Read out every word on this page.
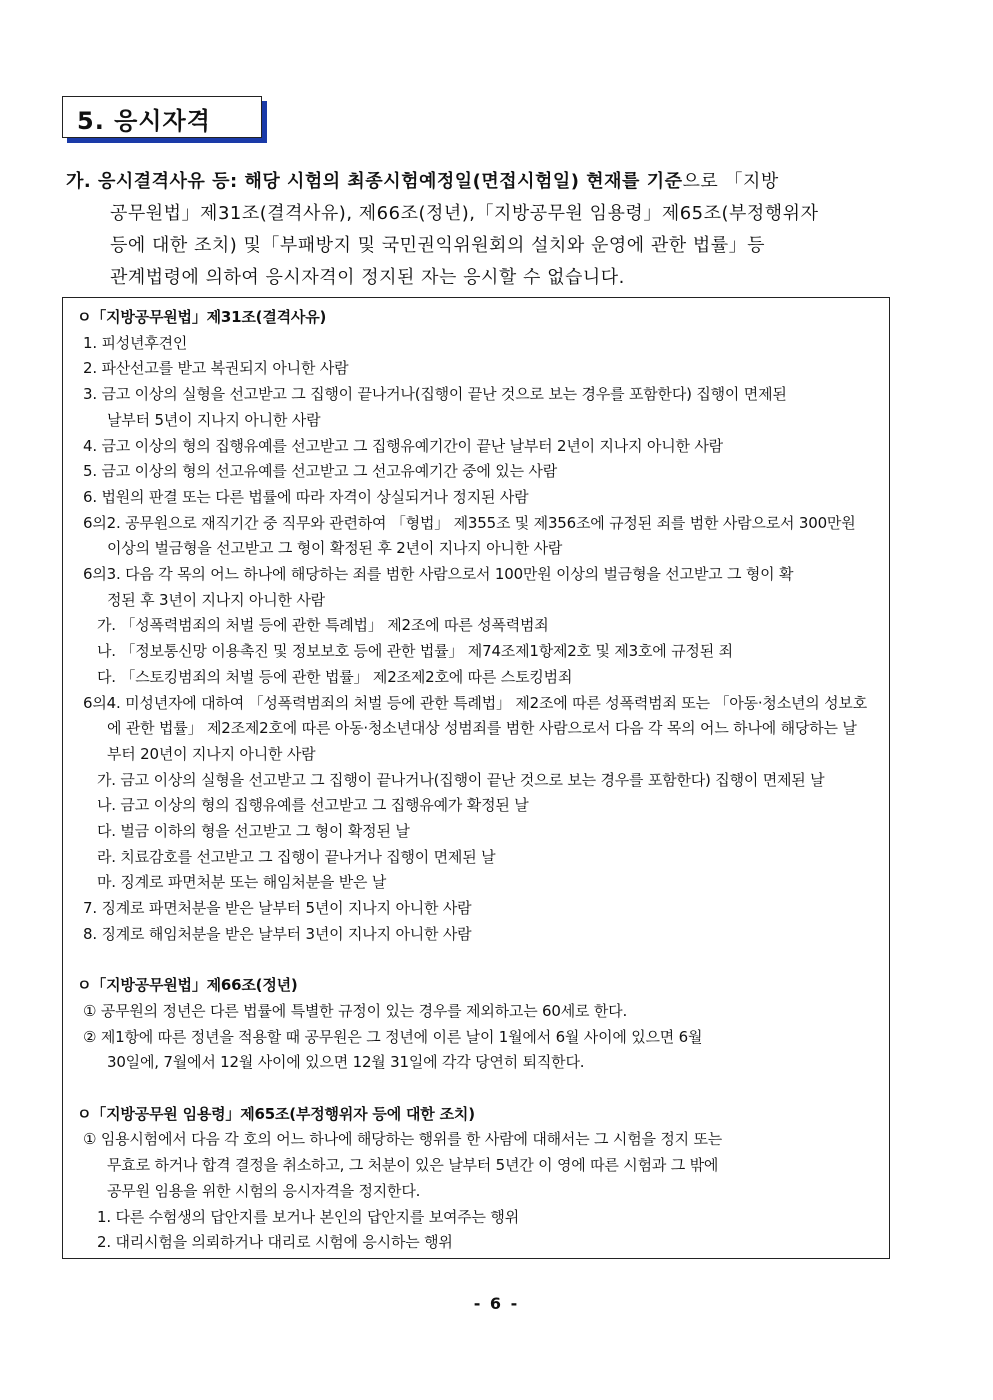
5. 응시자격
가. 응시결격사유 등: 해당 시험의 최종시험예정일(면접시험일) 현재를 기준으로 「지방
공무원법」제31조(결격사유), 제66조(정년),「지방공무원 임용령」제65조(부정행위자
등에 대한 조치) 및「부패방지 및 국민권익위원회의 설치와 운영에 관한 법률」등
관계법령에 의하여 응시자격이 정지된 자는 응시할 수 없습니다.
ㅇ「지방공무원법」제31조(결격사유)
1. 피성년후견인
2. 파산선고를 받고 복권되지 아니한 사람
3. 금고 이상의 실형을 선고받고 그 집행이 끝나거나(집행이 끝난 것으로 보는 경우를 포함한다) 집행이 면제된
날부터 5년이 지나지 아니한 사람
4. 금고 이상의 형의 집행유예를 선고받고 그 집행유예기간이 끝난 날부터 2년이 지나지 아니한 사람
5. 금고 이상의 형의 선고유예를 선고받고 그 선고유예기간 중에 있는 사람
6. 법원의 판결 또는 다른 법률에 따라 자격이 상실되거나 정지된 사람
6의2. 공무원으로 재직기간 중 직무와 관련하여 「형법」 제355조 및 제356조에 규정된 죄를 범한 사람으로서 300만원
이상의 벌금형을 선고받고 그 형이 확정된 후 2년이 지나지 아니한 사람
6의3. 다음 각 목의 어느 하나에 해당하는 죄를 범한 사람으로서 100만원 이상의 벌금형을 선고받고 그 형이 확
정된 후 3년이 지나지 아니한 사람
가. 「성폭력범죄의 처벌 등에 관한 특례법」 제2조에 따른 성폭력범죄
나. 「정보통신망 이용촉진 및 정보보호 등에 관한 법률」 제74조제1항제2호 및 제3호에 규정된 죄
다. 「스토킹범죄의 처벌 등에 관한 법률」 제2조제2호에 따른 스토킹범죄
6의4. 미성년자에 대하여 「성폭력범죄의 처벌 등에 관한 특례법」 제2조에 따른 성폭력범죄 또는 「아동·청소년의 성보호
에 관한 법률」 제2조제2호에 따른 아동·청소년대상 성범죄를 범한 사람으로서 다음 각 목의 어느 하나에 해당하는 날
부터 20년이 지나지 아니한 사람
가. 금고 이상의 실형을 선고받고 그 집행이 끝나거나(집행이 끝난 것으로 보는 경우를 포함한다) 집행이 면제된 날
나. 금고 이상의 형의 집행유예를 선고받고 그 집행유예가 확정된 날
다. 벌금 이하의 형을 선고받고 그 형이 확정된 날
라. 치료감호를 선고받고 그 집행이 끝나거나 집행이 면제된 날
마. 징계로 파면처분 또는 해임처분을 받은 날
7. 징계로 파면처분을 받은 날부터 5년이 지나지 아니한 사람
8. 징계로 해임처분을 받은 날부터 3년이 지나지 아니한 사람
ㅇ「지방공무원법」제66조(정년)
① 공무원의 정년은 다른 법률에 특별한 규정이 있는 경우를 제외하고는 60세로 한다.
② 제1항에 따른 정년을 적용할 때 공무원은 그 정년에 이른 날이 1월에서 6월 사이에 있으면 6월
30일에, 7월에서 12월 사이에 있으면 12월 31일에 각각 당연히 퇴직한다.
ㅇ「지방공무원 임용령」제65조(부정행위자 등에 대한 조치)
① 임용시험에서 다음 각 호의 어느 하나에 해당하는 행위를 한 사람에 대해서는 그 시험을 정지 또는
무효로 하거나 합격 결정을 취소하고, 그 처분이 있은 날부터 5년간 이 영에 따른 시험과 그 밖에
공무원 임용을 위한 시험의 응시자격을 정지한다.
1. 다른 수험생의 답안지를 보거나 본인의 답안지를 보여주는 행위
2. 대리시험을 의뢰하거나 대리로 시험에 응시하는 행위
- 6 -
